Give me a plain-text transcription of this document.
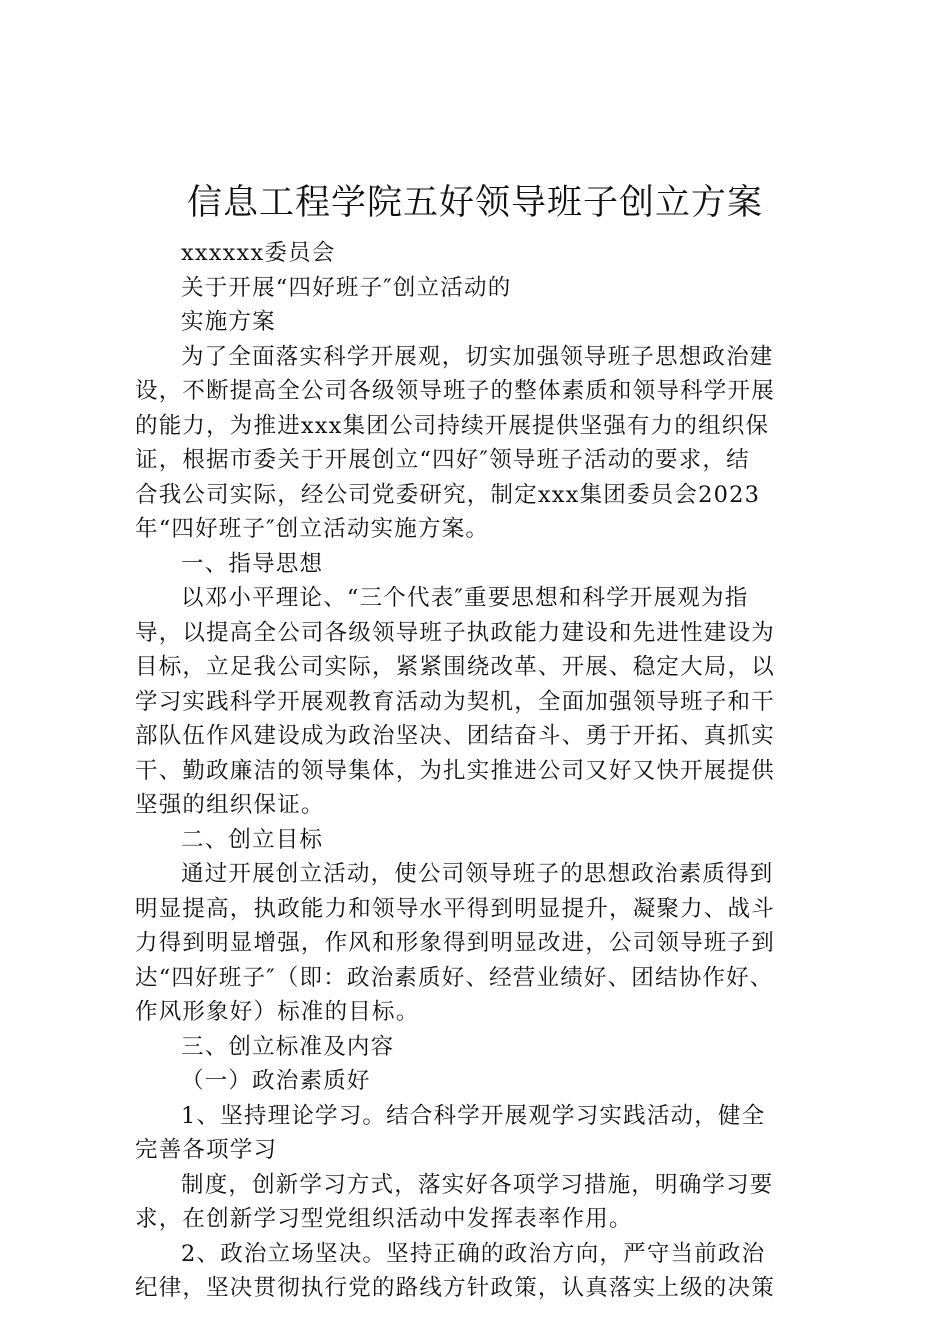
信息工程学院五好领导班子创立方案
xxxxxx委员会
关于开展“四好班子″创立活动的
实施方案
为了全面落实科学开展观，切实加强领导班子思想政治建
设，不断提高全公司各级领导班子的整体素质和领导科学开展
的能力，为推进xxx集团公司持续开展提供坚强有力的组织保
证，根据市委关于开展创立“四好″领导班子活动的要求，结
合我公司实际，经公司党委研究，制定xxx集团委员会2023
年“四好班子″创立活动实施方案。
一、指导思想
以邓小平理论、“三个代表″重要思想和科学开展观为指
导，以提高全公司各级领导班子执政能力建设和先进性建设为
目标，立足我公司实际，紧紧围绕改革、开展、稳定大局，以
学习实践科学开展观教育活动为契机，全面加强领导班子和干
部队伍作风建设成为政治坚决、团结奋斗、勇于开拓、真抓实
干、勤政廉洁的领导集体，为扎实推进公司又好又快开展提供
坚强的组织保证。
二、创立目标
通过开展创立活动，使公司领导班子的思想政治素质得到
明显提高，执政能力和领导水平得到明显提升，凝聚力、战斗
力得到明显增强，作风和形象得到明显改进，公司领导班子到
达“四好班子″（即：政治素质好、经营业绩好、团结协作好、
作风形象好）标准的目标。
三、创立标准及内容
（一）政治素质好
1、坚持理论学习。结合科学开展观学习实践活动，健全
完善各项学习
制度，创新学习方式，落实好各项学习措施，明确学习要
求，在创新学习型党组织活动中发挥表率作用。
2、政治立场坚决。坚持正确的政治方向，严守当前政治
纪律，坚决贯彻执行党的路线方针政策，认真落实上级的决策
